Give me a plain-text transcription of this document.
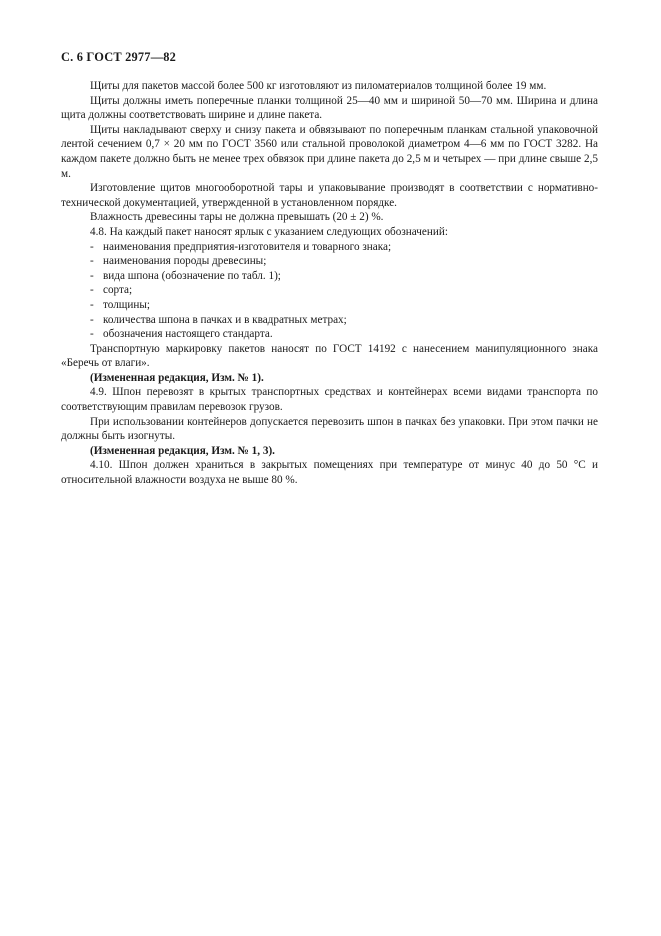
С. 6 ГОСТ 2977—82

Щиты для пакетов массой более 500 кг изготовляют из пиломатериалов толщиной более 19 мм.

Щиты должны иметь поперечные планки толщиной 25—40 мм и шириной 50—70 мм. Ширина и длина щита должны соответствовать ширине и длине пакета.

Щиты накладывают сверху и снизу пакета и обвязывают по поперечным планкам стальной упаковочной лентой сечением 0,7 × 20 мм по ГОСТ 3560 или стальной проволокой диаметром 4—6 мм по ГОСТ 3282. На каждом пакете должно быть не менее трех обвязок при длине пакета до 2,5 м и четырех — при длине свыше 2,5 м.

Изготовление щитов многооборотной тары и упаковывание производят в соответствии с нормативно-технической документацией, утвержденной в установленном порядке.

Влажность древесины тары не должна превышать (20 ± 2) %.

4.8. На каждый пакет наносят ярлык с указанием следующих обозначений:

- наименования предприятия-изготовителя и товарного знака;
- наименования породы древесины;
- вида шпона (обозначение по табл. 1);
- сорта;
- толщины;
- количества шпона в пачках и в квадратных метрах;
- обозначения настоящего стандарта.

Транспортную маркировку пакетов наносят по ГОСТ 14192 с нанесением манипуляционного знака «Беречь от влаги».

(Измененная редакция, Изм. № 1).

4.9. Шпон перевозят в крытых транспортных средствах и контейнерах всеми видами транспорта по соответствующим правилам перевозок грузов.

При использовании контейнеров допускается перевозить шпон в пачках без упаковки. При этом пачки не должны быть изогнуты.

(Измененная редакция, Изм. № 1, 3).

4.10. Шпон должен храниться в закрытых помещениях при температуре от минус 40 до 50 °С и относительной влажности воздуха не выше 80 %.
